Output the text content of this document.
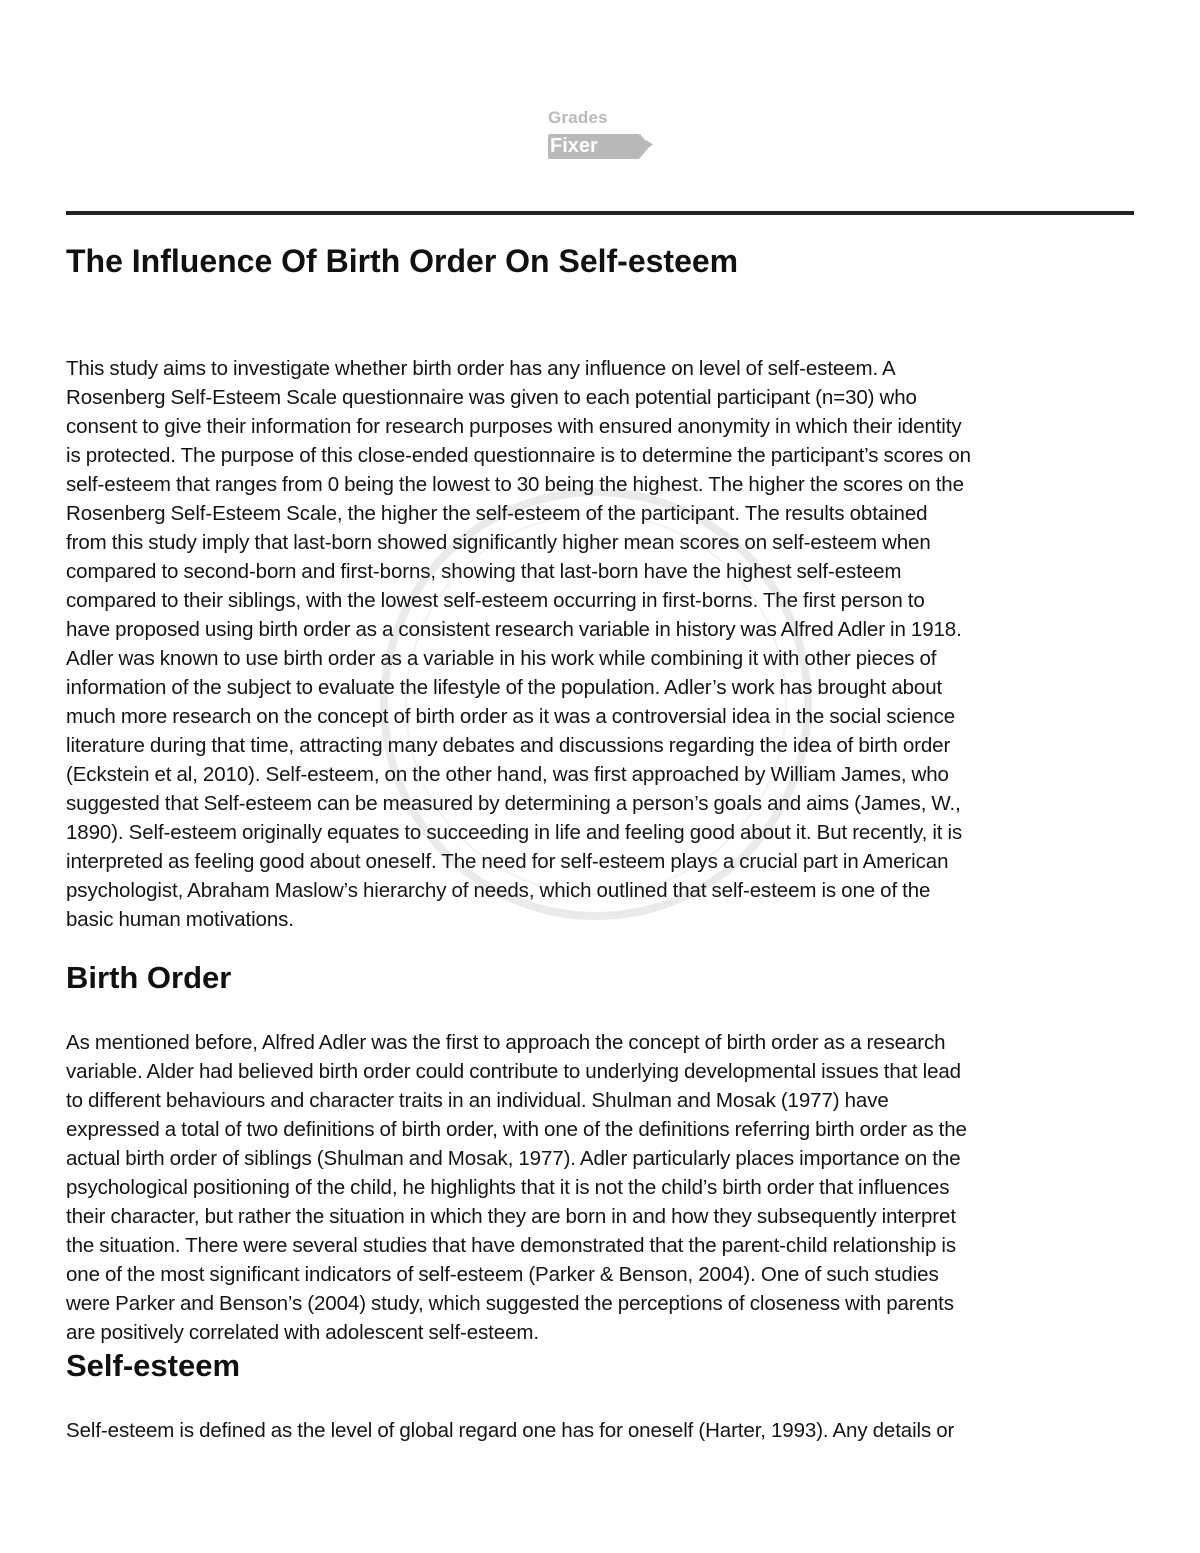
Grades
Fixer
The Influence Of Birth Order On Self-esteem
This study aims to investigate whether birth order has any influence on level of self-esteem. A
Rosenberg Self-Esteem Scale questionnaire was given to each potential participant (n=30) who
consent to give their information for research purposes with ensured anonymity in which their identity
is protected. The purpose of this close-ended questionnaire is to determine the participant’s scores on
self-esteem that ranges from 0 being the lowest to 30 being the highest. The higher the scores on the
Rosenberg Self-Esteem Scale, the higher the self-esteem of the participant. The results obtained
from this study imply that last-born showed significantly higher mean scores on self-esteem when
compared to second-born and first-borns, showing that last-born have the highest self-esteem
compared to their siblings, with the lowest self-esteem occurring in first-borns. The first person to
have proposed using birth order as a consistent research variable in history was Alfred Adler in 1918.
Adler was known to use birth order as a variable in his work while combining it with other pieces of
information of the subject to evaluate the lifestyle of the population. Adler’s work has brought about
much more research on the concept of birth order as it was a controversial idea in the social science
literature during that time, attracting many debates and discussions regarding the idea of birth order
(Eckstein et al, 2010). Self-esteem, on the other hand, was first approached by William James, who
suggested that Self-esteem can be measured by determining a person’s goals and aims (James, W.,
1890). Self-esteem originally equates to succeeding in life and feeling good about it. But recently, it is
interpreted as feeling good about oneself. The need for self-esteem plays a crucial part in American
psychologist, Abraham Maslow’s hierarchy of needs, which outlined that self-esteem is one of the
basic human motivations.
Birth Order
As mentioned before, Alfred Adler was the first to approach the concept of birth order as a research
variable. Alder had believed birth order could contribute to underlying developmental issues that lead
to different behaviours and character traits in an individual. Shulman and Mosak (1977) have
expressed a total of two definitions of birth order, with one of the definitions referring birth order as the
actual birth order of siblings (Shulman and Mosak, 1977). Adler particularly places importance on the
psychological positioning of the child, he highlights that it is not the child’s birth order that influences
their character, but rather the situation in which they are born in and how they subsequently interpret
the situation. There were several studies that have demonstrated that the parent-child relationship is
one of the most significant indicators of self-esteem (Parker & Benson, 2004). One of such studies
were Parker and Benson’s (2004) study, which suggested the perceptions of closeness with parents
are positively correlated with adolescent self-esteem.
Self-esteem
Self-esteem is defined as the level of global regard one has for oneself (Harter, 1993). Any details or
